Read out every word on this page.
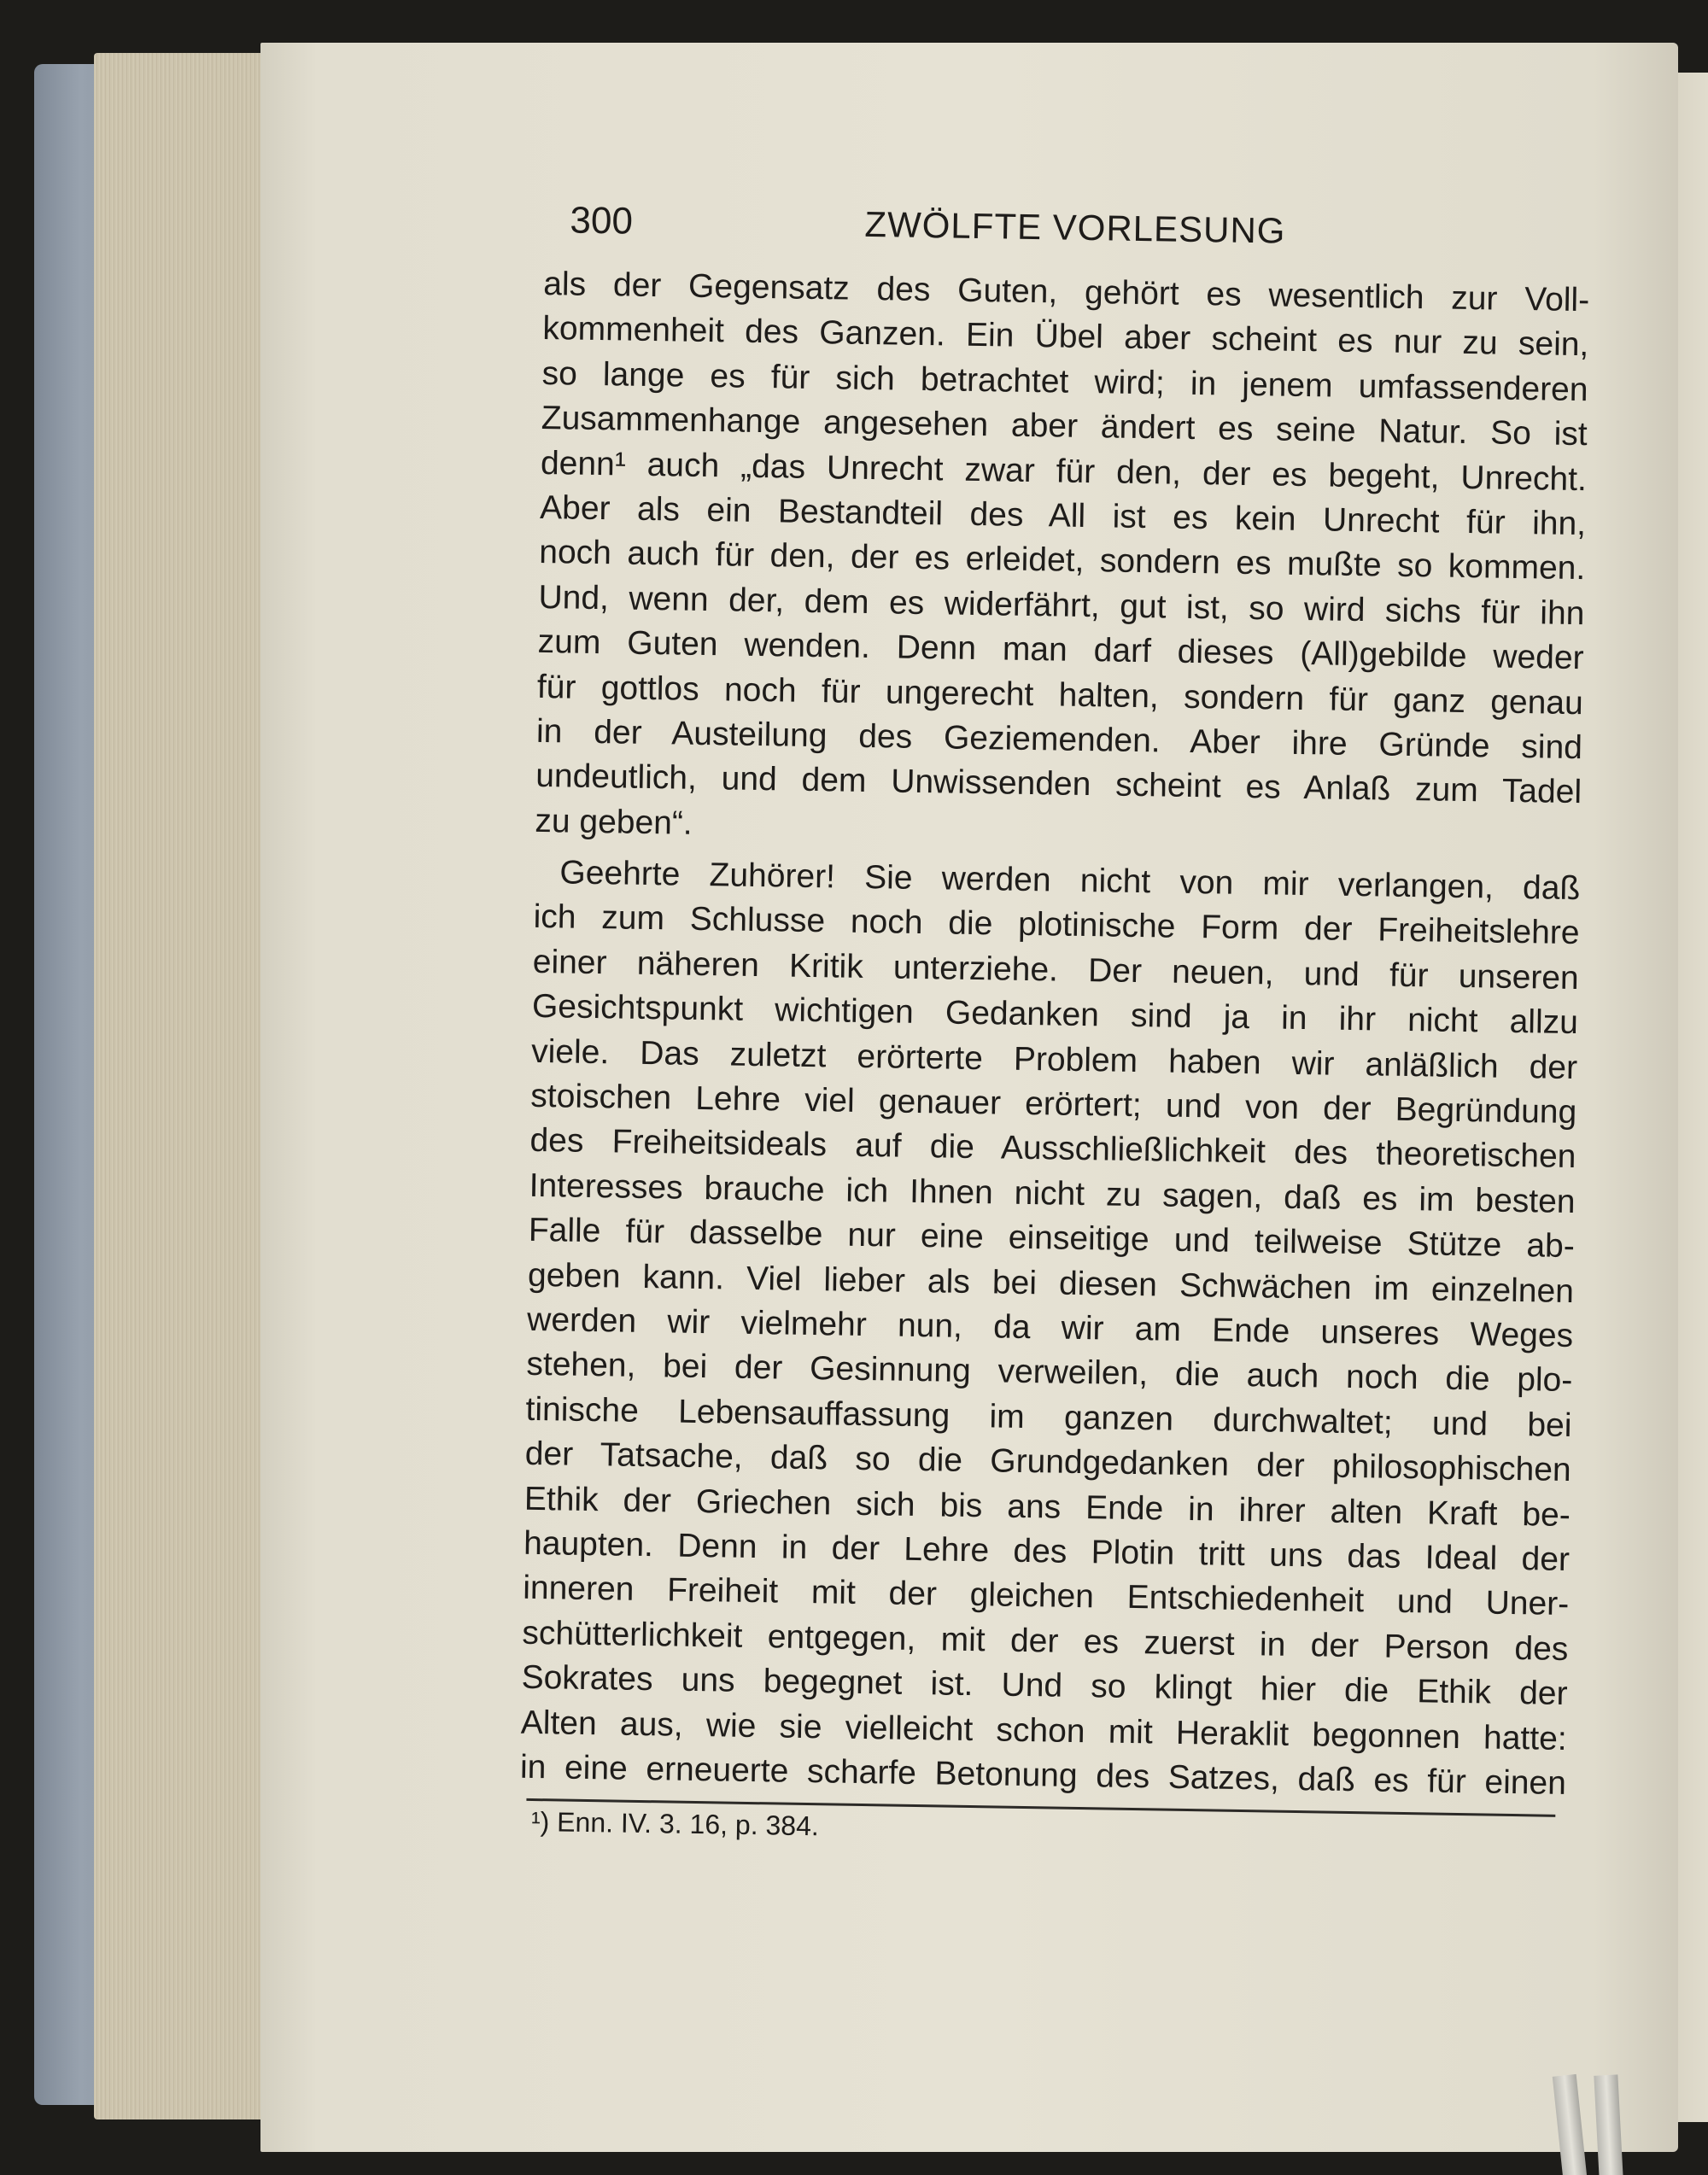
300	ZWÖLFTE VORLESUNG
als der Gegensatz des Guten, gehört es wesentlich zur Voll-
kommenheit des Ganzen. Ein Übel aber scheint es nur zu sein,
so lange es für sich betrachtet wird; in jenem umfassenderen
Zusammenhange angesehen aber ändert es seine Natur. So ist
denn¹ auch „das Unrecht zwar für den, der es begeht, Unrecht.
Aber als ein Bestandteil des All ist es kein Unrecht für ihn,
noch auch für den, der es erleidet, sondern es mußte so kommen.
Und, wenn der, dem es widerfährt, gut ist, so wird sichs für ihn
zum Guten wenden. Denn man darf dieses (All)gebilde weder
für gottlos noch für ungerecht halten, sondern für ganz genau
in der Austeilung des Geziemenden. Aber ihre Gründe sind
undeutlich, und dem Unwissenden scheint es Anlaß zum Tadel
zu geben“.
Geehrte Zuhörer! Sie werden nicht von mir verlangen, daß
ich zum Schlusse noch die plotinische Form der Freiheitslehre
einer näheren Kritik unterziehe. Der neuen, und für unseren
Gesichtspunkt wichtigen Gedanken sind ja in ihr nicht allzu
viele. Das zuletzt erörterte Problem haben wir anläßlich der
stoischen Lehre viel genauer erörtert; und von der Begründung
des Freiheitsideals auf die Ausschließlichkeit des theoretischen
Interesses brauche ich Ihnen nicht zu sagen, daß es im besten
Falle für dasselbe nur eine einseitige und teilweise Stütze ab-
geben kann. Viel lieber als bei diesen Schwächen im einzelnen
werden wir vielmehr nun, da wir am Ende unseres Weges
stehen, bei der Gesinnung verweilen, die auch noch die plo-
tinische Lebensauffassung im ganzen durchwaltet; und bei
der Tatsache, daß so die Grundgedanken der philosophischen
Ethik der Griechen sich bis ans Ende in ihrer alten Kraft be-
haupten. Denn in der Lehre des Plotin tritt uns das Ideal der
inneren Freiheit mit der gleichen Entschiedenheit und Uner-
schütterlichkeit entgegen, mit der es zuerst in der Person des
Sokrates uns begegnet ist. Und so klingt hier die Ethik der
Alten aus, wie sie vielleicht schon mit Heraklit begonnen hatte:
in eine erneuerte scharfe Betonung des Satzes, daß es für einen
¹) Enn. IV. 3. 16, p. 384.
